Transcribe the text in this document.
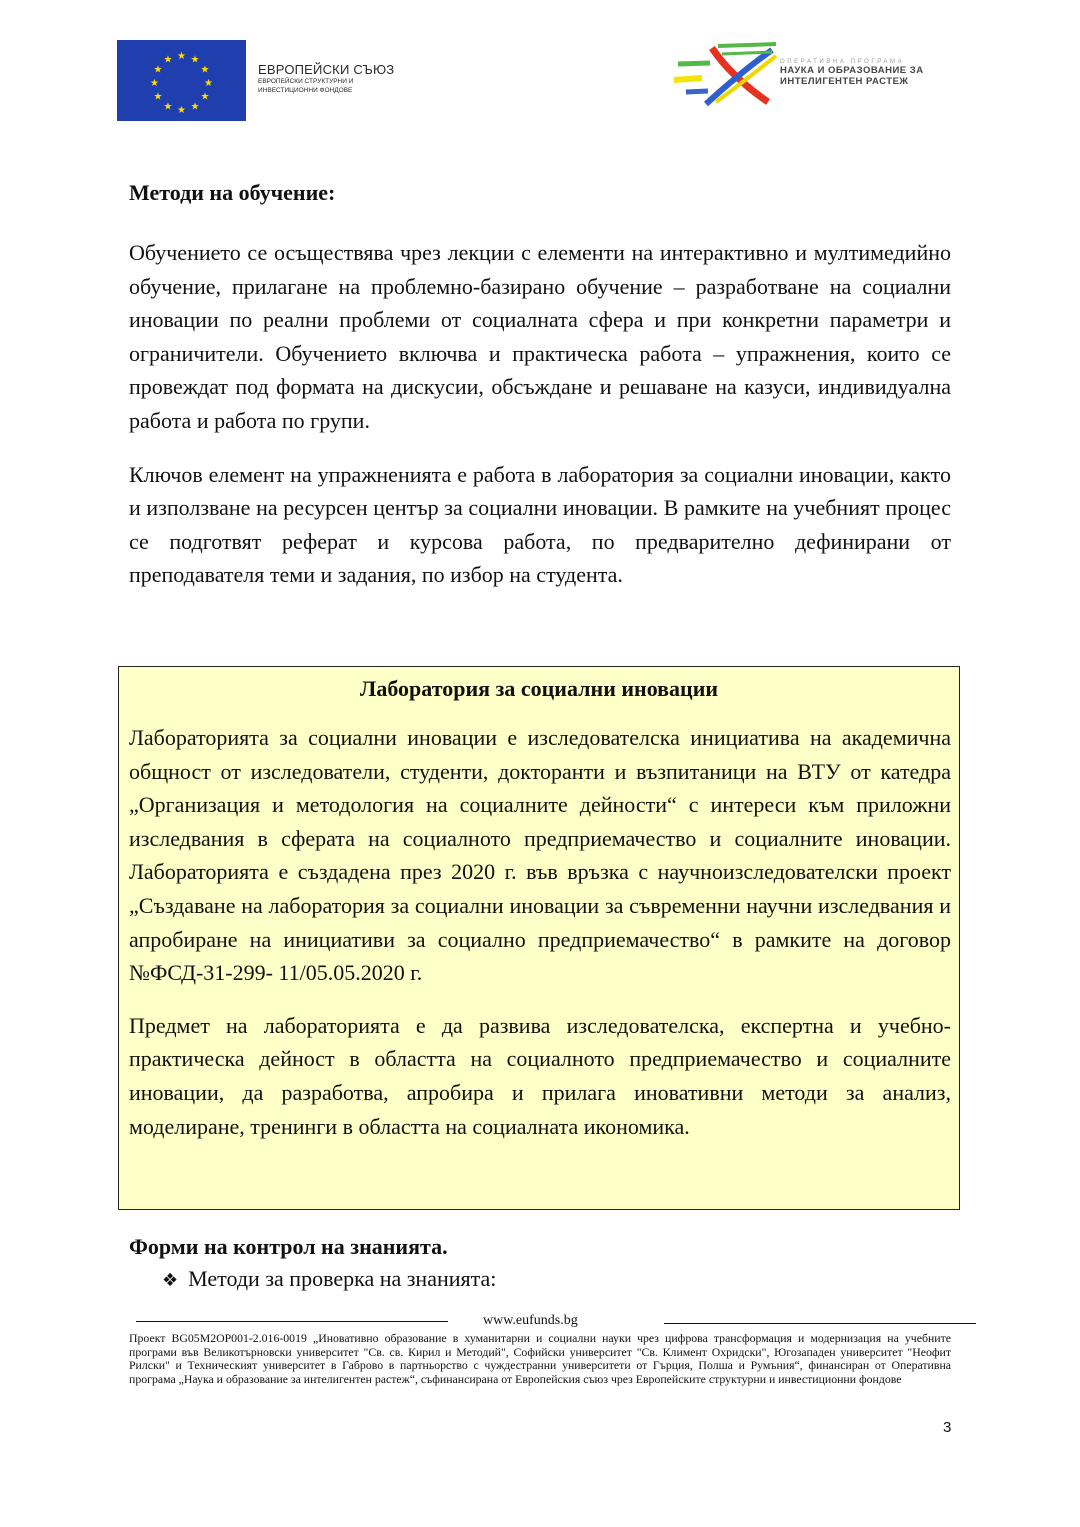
★ ★
★
★
★
★
★
★
★
★
★
★
ЕВРОПЕЙСКИ СЪЮЗ
ЕВРОПЕЙСКИ СТРУКТУРНИ И
ИНВЕСТИЦИОННИ ФОНДОВЕ
ОПЕРАТИВНА ПРОГРАМА
НАУКА И ОБРАЗОВАНИЕ ЗА
ИНТЕЛИГЕНТЕН РАСТЕЖ

Методи на обучение:

Обучението се осъществява чрез лекции с елементи на интерактивно и мултимедийно обучение, прилагане на проблемно-базирано обучение – разработване на социални иновации по реални проблеми от социалната сфера и при конкретни параметри и ограничители. Обучението включва и практическа работа – упражнения, които се провеждат под формата на дискусии, обсъждане и решаване на казуси, индивидуална работа и работа по групи.

Ключов елемент на упражненията е работа в лаборатория за социални иновации, както и използване на ресурсен център за социални иновации. В рамките на учебният процес се подготвят реферат и курсова работа, по предварително дефинирани от преподавателя теми и задания, по избор на студента.

Лаборатория за социални иновации

Лабораторията за социални иновации е изследователска инициатива на академична общност от изследователи, студенти, докторанти и възпитаници на ВТУ от катедра „Организация и методология на социалните дейности“ с интереси към приложни изследвания в сферата на социалното предприемачество и социалните иновации. Лабораторията е създадена през 2020 г. във връзка с научноизследователски проект „Създаване на лаборатория за социални иновации за съвременни научни изследвания и апробиране на инициативи за социално предприемачество“ в рамките на договор №ФСД-31-299- 11/05.05.2020 г.

Предмет на лабораторията е да развива изследователска, експертна и учебно-практическа дейност в областта на социалното предприемачество и социалните иновации, да разработва, апробира и прилага иновативни методи за анализ, моделиране, тренинги в областта на социалната икономика.

Форми на контрол на знанията.

❖ Методи за проверка на знанията:
www.eufunds.bg
Проект BG05M2OP001-2.016-0019 „Иновативно образование в хуманитарни и социални науки чрез цифрова трансформация и модернизация на учебните програми във Великотърновски университет "Св. св. Кирил и Методий", Софийски университет "Св. Климент Охридски", Югозападен университет "Неофит Рилски" и Техническият университет в Габрово в партньорство с чуждестранни университети от Гърция, Полша и Румъния“, финансиран от Оперативна програма „Наука и образование за интелигентен растеж“, съфинансирана от Европейския съюз чрез Европейските структурни и инвестиционни фондове
3
